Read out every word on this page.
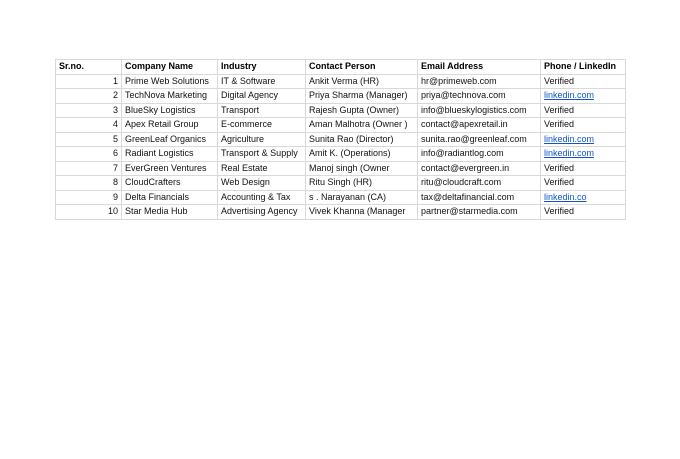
Sr.no.	Company Name	Industry	Contact Person	Email Address	Phone / LinkedIn
1	Prime Web Solutions	IT & Software	Ankit Verma (HR)	hr@primeweb.com	Verified
2	TechNova Marketing	Digital Agency	Priya Sharma (Manager)	priya@technova.com	linkedin.com
3	BlueSky Logistics	Transport	Rajesh Gupta (Owner)	info@blueskylogistics.com	Verified
4	Apex Retail Group	E-commerce	Aman Malhotra (Owner )	contact@apexretail.in	Verified
5	GreenLeaf Organics	Agriculture	Sunita Rao (Director)	sunita.rao@greenleaf.com	linkedin.com
6	Radiant Logistics	Transport & Supply	Amit K. (Operations)	info@radiantlog.com	linkedin.com
7	EverGreen Ventures	Real Estate	Manoj singh (Owner	contact@evergreen.in	Verified
8	CloudCrafters	Web Design	Ritu Singh (HR)	ritu@cloudcraft.com	Verified
9	Delta Financials	Accounting & Tax	s . Narayanan (CA)	tax@deltafinancial.com	linkedin.co
10	Star Media Hub	Advertising Agency	Vivek Khanna (Manager	partner@starmedia.com	Verified
